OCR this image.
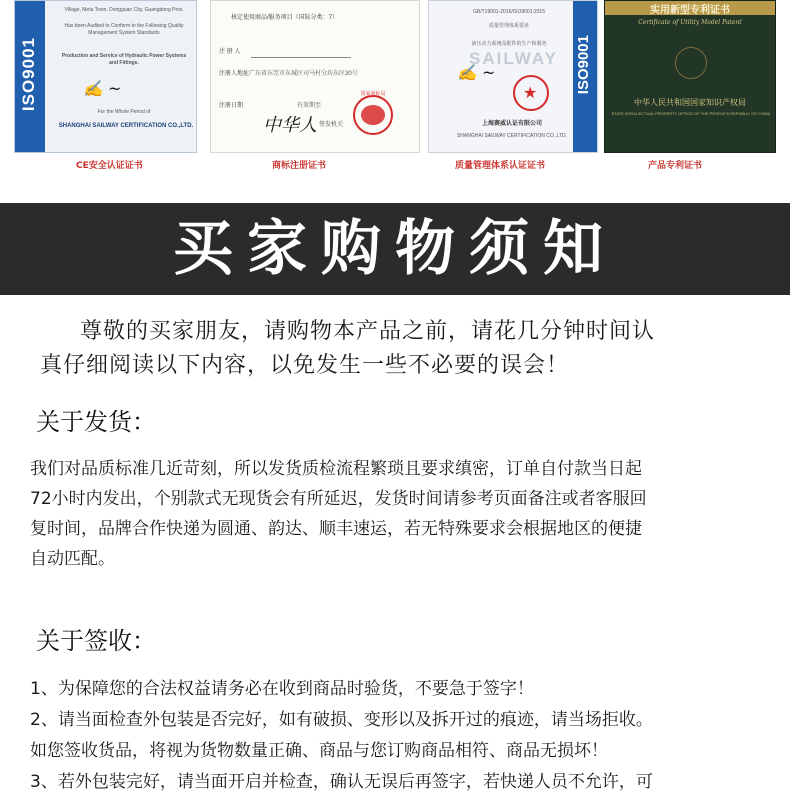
ISO9001
Village, Meta Town, Dongguan City, Guangdong Prov.
Has been Audited to Conform to the Following Quality Management System Standards
Production and Service of Hydraulic Power Systems and Fittings.
✍ ~
For the Whole Period of
SHANGHAI SAILWAY CERTIFICATION CO.,LTD.
核定使用商品/服务项目（国际分类：7）
注 册 人
注册人地址 广东省东莞市东城区司马村分坊东区30号
注册日期	有效期至
中华人 签发机关
国家商标局
SAILWAY
GB/T19001-2016/ISO9001:2015
质量管理体系要求
液压动力系统及配件的生产和服务
✍ ~
★
上海赛威认证有限公司
SHANGHAI SAILWAY CERTIFICATION CO.,LTD.
ISO9001
实用新型专利证书
Certificate of Utility Model Patent
中华人民共和国国家知识产权局
STATE INTELLECTUAL PROPERTY OFFICE OF THE PEOPLE'S REPUBLIC OF CHINA
CE安全认证证书	商标注册证书	质量管理体系认证证书	产品专利证书
买家购物须知
尊敬的买家朋友，请购物本产品之前，请花几分钟时间认
真仔细阅读以下内容，以免发生一些不必要的误会！
关于发货：
我们对品质标准几近苛刻，所以发货质检流程繁琐且要求缜密，订单自付款当日起
72小时内发出，个别款式无现货会有所延迟，发货时间请参考页面备注或者客服回
复时间，品牌合作快递为圆通、韵达、顺丰速运，若无特殊要求会根据地区的便捷
自动匹配。
关于签收：
1、为保障您的合法权益请务必在收到商品时验货，不要急于签字！
2、请当面检查外包装是否完好，如有破损、变形以及拆开过的痕迹，请当场拒收。
如您签收货品，将视为货物数量正确、商品与您订购商品相符、商品无损坏！
3、若外包装完好，请当面开启并检查，确认无误后再签字，若快递人员不允许，可
